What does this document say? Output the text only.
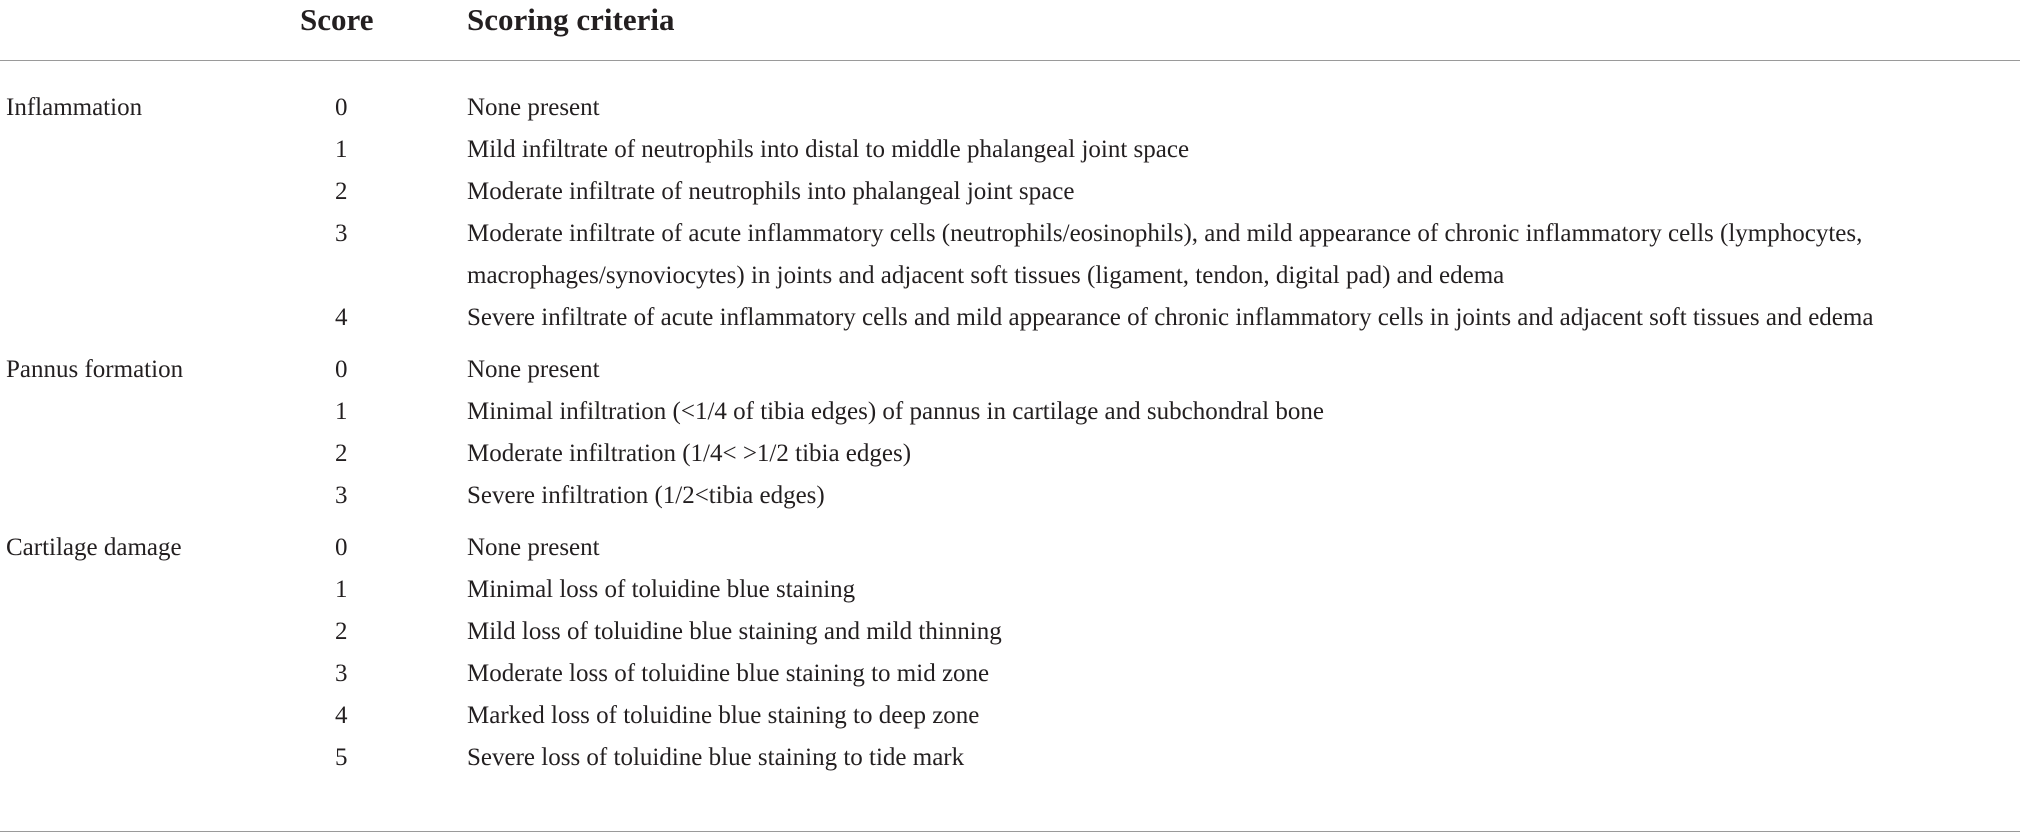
Score	Scoring criteria
Inflammation	0	None present
1	Mild infiltrate of neutrophils into distal to middle phalangeal joint space
2	Moderate infiltrate of neutrophils into phalangeal joint space
3	Moderate infiltrate of acute inflammatory cells (neutrophils/eosinophils), and mild appearance of chronic inflammatory cells (lymphocytes, macrophages/synoviocytes) in joints and adjacent soft tissues (ligament, tendon, digital pad) and edema
4	Severe infiltrate of acute inflammatory cells and mild appearance of chronic inflammatory cells in joints and adjacent soft tissues and edema
Pannus formation	0	None present
1	Minimal infiltration (<1/4 of tibia edges) of pannus in cartilage and subchondral bone
2	Moderate infiltration (1/4< >1/2 tibia edges)
3	Severe infiltration (1/2<tibia edges)
Cartilage damage	0	None present
1	Minimal loss of toluidine blue staining
2	Mild loss of toluidine blue staining and mild thinning
3	Moderate loss of toluidine blue staining to mid zone
4	Marked loss of toluidine blue staining to deep zone
5	Severe loss of toluidine blue staining to tide mark
